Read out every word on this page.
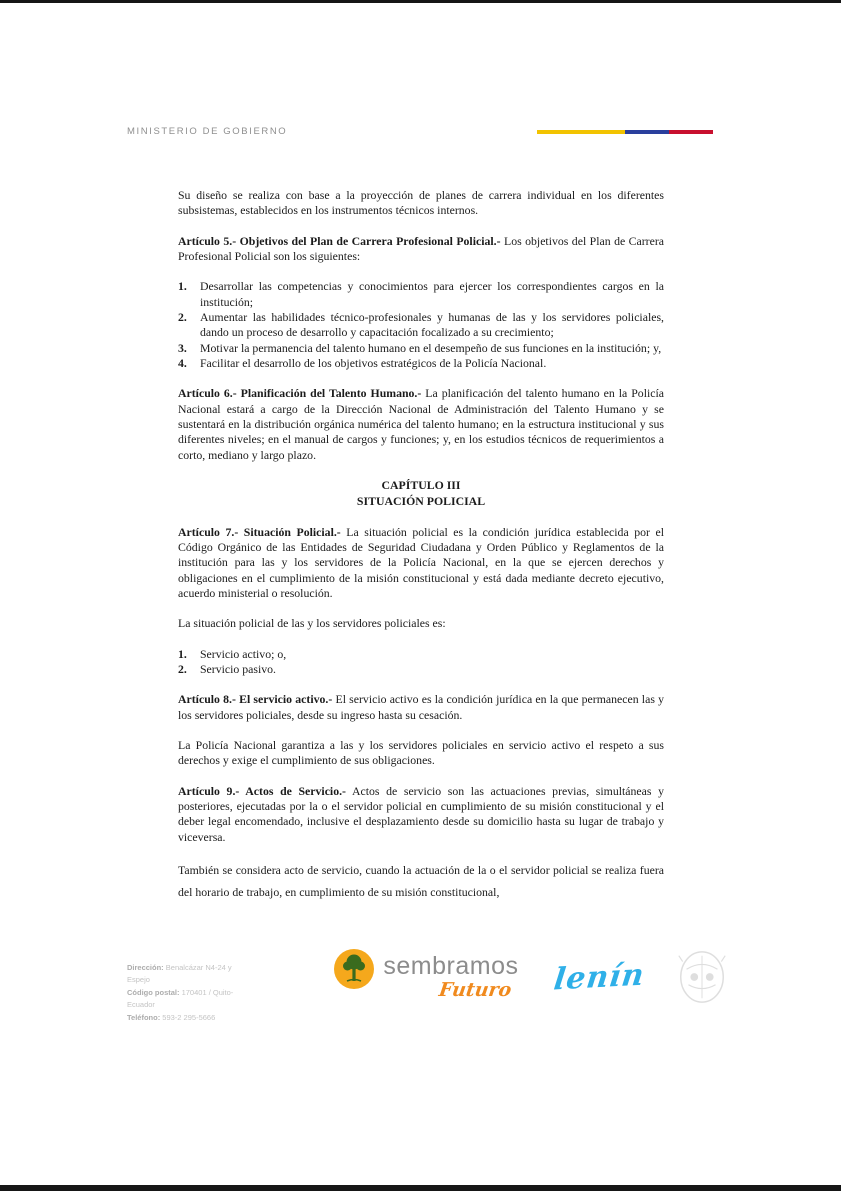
MINISTERIO DE GOBIERNO

Su diseño se realiza con base a la proyección de planes de carrera individual en los diferentes subsistemas, establecidos en los instrumentos técnicos internos.

Artículo 5.- Objetivos del Plan de Carrera Profesional Policial.- Los objetivos del Plan de Carrera Profesional Policial son los siguientes:

1.	Desarrollar las competencias y conocimientos para ejercer los correspondientes cargos en la institución;
2.	Aumentar las habilidades técnico-profesionales y humanas de las y los servidores policiales, dando un proceso de desarrollo y capacitación focalizado a su crecimiento;
3.	Motivar la permanencia del talento humano en el desempeño de sus funciones en la institución; y,
4.	Facilitar el desarrollo de los objetivos estratégicos de la Policía Nacional.

Artículo 6.- Planificación del Talento Humano.- La planificación del talento humano en la Policía Nacional estará a cargo de la Dirección Nacional de Administración del Talento Humano y se sustentará en la distribución orgánica numérica del talento humano; en la estructura institucional y sus diferentes niveles; en el manual de cargos y funciones; y, en los estudios técnicos de requerimientos a corto, mediano y largo plazo.

CAPÍTULO III
SITUACIÓN POLICIAL

Artículo 7.- Situación Policial.- La situación policial es la condición jurídica establecida por el Código Orgánico de las Entidades de Seguridad Ciudadana y Orden Público y Reglamentos de la institución para las y los servidores de la Policía Nacional, en la que se ejercen derechos y obligaciones en el cumplimiento de la misión constitucional y está dada mediante decreto ejecutivo, acuerdo ministerial o resolución.

La situación policial de las y los servidores policiales es:

1.	Servicio activo; o,
2.	Servicio pasivo.

Artículo 8.- El servicio activo.- El servicio activo es la condición jurídica en la que permanecen las y los servidores policiales, desde su ingreso hasta su cesación.

La Policía Nacional garantiza a las y los servidores policiales en servicio activo el respeto a sus derechos y exige el cumplimiento de sus obligaciones.

Artículo 9.- Actos de Servicio.- Actos de servicio son las actuaciones previas, simultáneas y posteriores, ejecutadas por la o el servidor policial en cumplimiento de su misión constitucional y el deber legal encomendado, inclusive el desplazamiento desde su domicilio hasta su lugar de trabajo y viceversa.

También se considera acto de servicio, cuando la actuación de la o el servidor policial se realiza fuera del horario de trabajo, en cumplimiento de su misión constitucional,

Dirección: Benalcázar N4-24 y Espejo
Código postal: 170401 / Quito-Ecuador
Teléfono: 593-2 295-5666
sembramos
Futuro lenín
